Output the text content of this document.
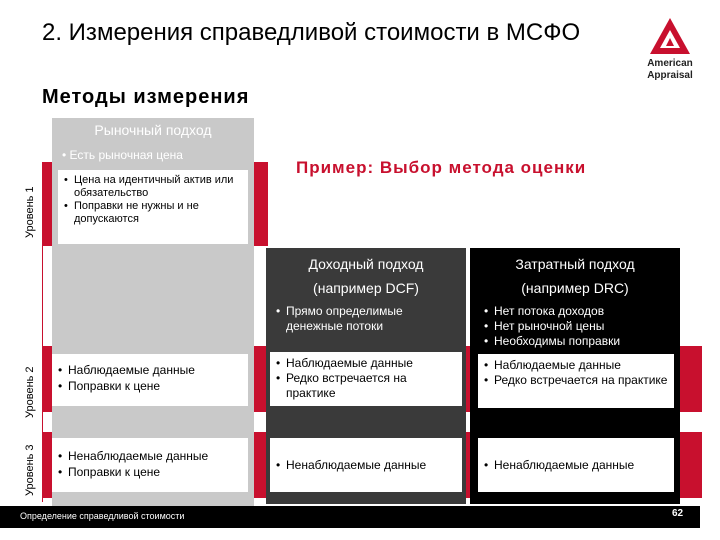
2. Измерения справедливой стоимости в МСФО
Методы измерения
American
Appraisal
Уровень 1
Уровень 2
Уровень 3
Рыночный подход
• Есть рыночная цена
• Цена на идентичный актив или обязательство
• Поправки не нужны и не допускаются
• Наблюдаемые данные
• Поправки к цене
• Ненаблюдаемые данные
• Поправки к цене
Пример: Выбор метода оценки
Доходный подход
(например DCF)
• Прямо определимые денежные потоки
• Наблюдаемые данные
• Редко встречается на практике
• Ненаблюдаемые данные
Затратный подход
(например DRC)
• Нет потока доходов
• Нет рыночной цены
• Необходимы поправки
• Наблюдаемые данные
• Редко встречается на практике
• Ненаблюдаемые данные
Определение справедливой стоимости	62
